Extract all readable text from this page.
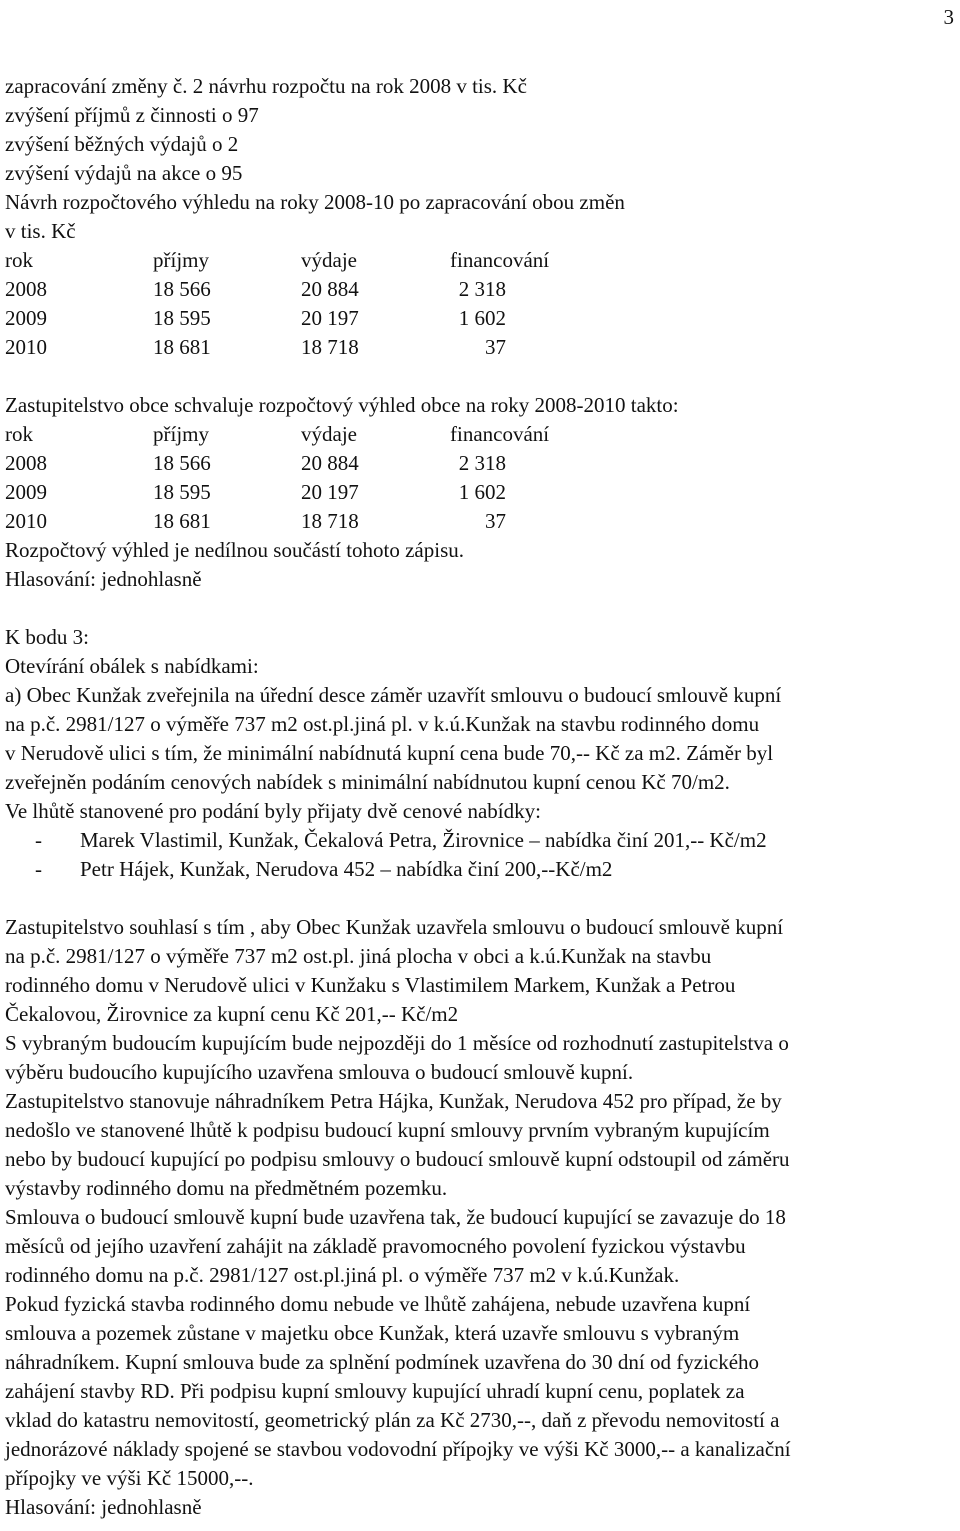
3
zapracování změny č. 2 návrhu rozpočtu na rok 2008 v tis. Kč
zvýšení příjmů z činnosti o 97
zvýšení běžných výdajů o 2
zvýšení výdajů na akce o 95
Návrh rozpočtového výhledu na roky 2008-10 po zapracování obou změn
v tis. Kč
rok	příjmy	výdaje	financování
2008	18 566	20 884	2 318
2009	18 595	20 197	1 602
2010	18 681	18 718	37
Zastupitelstvo obce schvaluje rozpočtový výhled obce na roky 2008-2010 takto:
rok	příjmy	výdaje	financování
2008	18 566	20 884	2 318
2009	18 595	20 197	1 602
2010	18 681	18 718	37
Rozpočtový výhled je nedílnou součástí tohoto zápisu.
Hlasování: jednohlasně
K bodu 3:
Otevírání obálek s nabídkami:
a) Obec Kunžak zveřejnila na úřední desce záměr uzavřít smlouvu o budoucí smlouvě kupní
na p.č. 2981/127 o výměře 737 m2 ost.pl.jiná pl. v k.ú.Kunžak na stavbu rodinného domu
v Nerudově ulici s tím, že minimální nabídnutá kupní cena bude 70,-- Kč za m2. Záměr byl
zveřejněn podáním cenových nabídek s minimální nabídnutou kupní cenou Kč 70/m2.
Ve lhůtě stanovené pro podání byly přijaty dvě cenové nabídky:
-	Marek Vlastimil, Kunžak, Čekalová Petra, Žirovnice – nabídka činí 201,-- Kč/m2
-	Petr Hájek, Kunžak, Nerudova 452 – nabídka činí 200,--Kč/m2
Zastupitelstvo souhlasí s tím , aby Obec Kunžak uzavřela smlouvu o budoucí smlouvě kupní
na p.č. 2981/127 o výměře 737 m2 ost.pl. jiná plocha v obci a k.ú.Kunžak na stavbu
rodinného domu v Nerudově ulici v Kunžaku s Vlastimilem Markem, Kunžak a Petrou
Čekalovou, Žirovnice za kupní cenu Kč 201,-- Kč/m2
S vybraným budoucím kupujícím bude nejpozději do 1 měsíce od rozhodnutí zastupitelstva o
výběru budoucího kupujícího uzavřena smlouva o budoucí smlouvě kupní.
Zastupitelstvo stanovuje náhradníkem Petra Hájka, Kunžak, Nerudova 452 pro případ, že by
nedošlo ve stanovené lhůtě k podpisu budoucí kupní smlouvy prvním vybraným kupujícím
nebo by budoucí kupující po podpisu smlouvy o budoucí smlouvě kupní odstoupil od záměru
výstavby rodinného domu na předmětném pozemku.
Smlouva o budoucí smlouvě kupní bude uzavřena tak, že budoucí kupující se zavazuje do 18
měsíců od jejího uzavření zahájit na základě pravomocného povolení fyzickou výstavbu
rodinného domu na p.č. 2981/127 ost.pl.jiná pl. o výměře 737 m2 v k.ú.Kunžak.
Pokud fyzická stavba rodinného domu nebude ve lhůtě zahájena, nebude uzavřena kupní
smlouva a pozemek zůstane v majetku obce Kunžak, která uzavře smlouvu s vybraným
náhradníkem. Kupní smlouva bude za splnění podmínek uzavřena do 30 dní od fyzického
zahájení stavby RD. Při podpisu kupní smlouvy kupující uhradí kupní cenu, poplatek za
vklad do katastru nemovitostí, geometrický plán za Kč 2730,--, daň z převodu nemovitostí a
jednorázové náklady spojené se stavbou vodovodní přípojky ve výši Kč 3000,-- a kanalizační
přípojky ve výši Kč 15000,--.
Hlasování: jednohlasně
